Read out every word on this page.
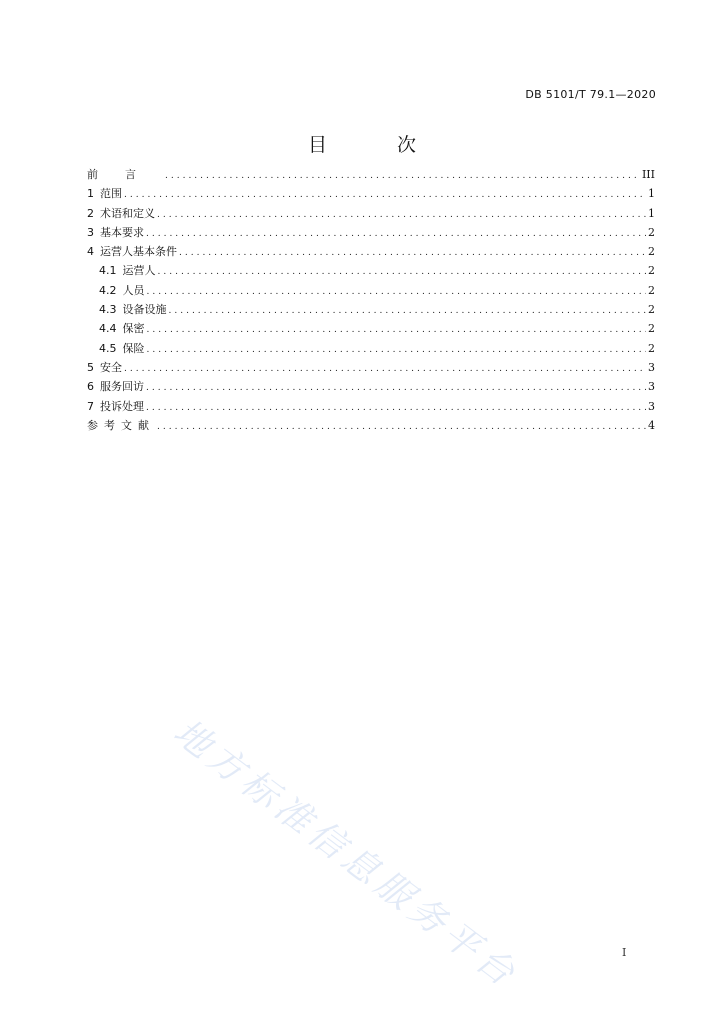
DB 5101/T 79.1—2020
目 次
前言 .....	III
1 范围 .....	1
2 术语和定义 .....	1
3 基本要求 .....	2
4 运营人基本条件 .....	2
4.1 运营人 .....	2
4.2 人员 .....	2
4.3 设备设施 .....	2
4.4 保密 .....	2
4.5 保险 .....	2
5 安全 .....	3
6 服务回访 .....	3
7 投诉处理 .....	3
参考文献 .....	4
地方标准信息服务平台	I
